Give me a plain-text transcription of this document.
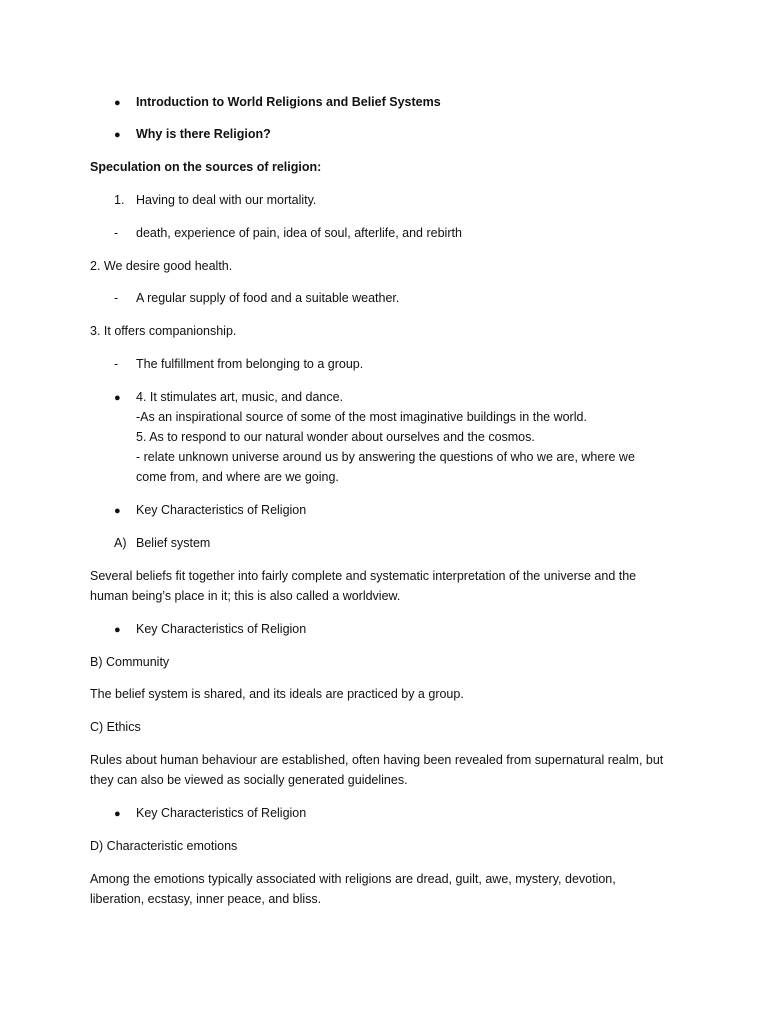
● Introduction to World Religions and Belief Systems
● Why is there Religion?
Speculation on the sources of religion:
1. Having to deal with our mortality.
- death, experience of pain, idea of soul, afterlife, and rebirth
2. We desire good health.
- A regular supply of food and a suitable weather.
3. It offers companionship.
- The fulfillment from belonging to a group.
● 4. It stimulates art, music, and dance.
-As an inspirational source of some of the most imaginative buildings in the world.
5. As to respond to our natural wonder about ourselves and the cosmos.
- relate unknown universe around us by answering the questions of who we are, where we
come from, and where are we going.
● Key Characteristics of Religion
A) Belief system
Several beliefs fit together into fairly complete and systematic interpretation of the universe and the
human being’s place in it; this is also called a worldview.
● Key Characteristics of Religion
B) Community
The belief system is shared, and its ideals are practiced by a group.
C) Ethics
Rules about human behaviour are established, often having been revealed from supernatural realm, but
they can also be viewed as socially generated guidelines.
● Key Characteristics of Religion
D) Characteristic emotions
Among the emotions typically associated with religions are dread, guilt, awe, mystery, devotion,
liberation, ecstasy, inner peace, and bliss.
